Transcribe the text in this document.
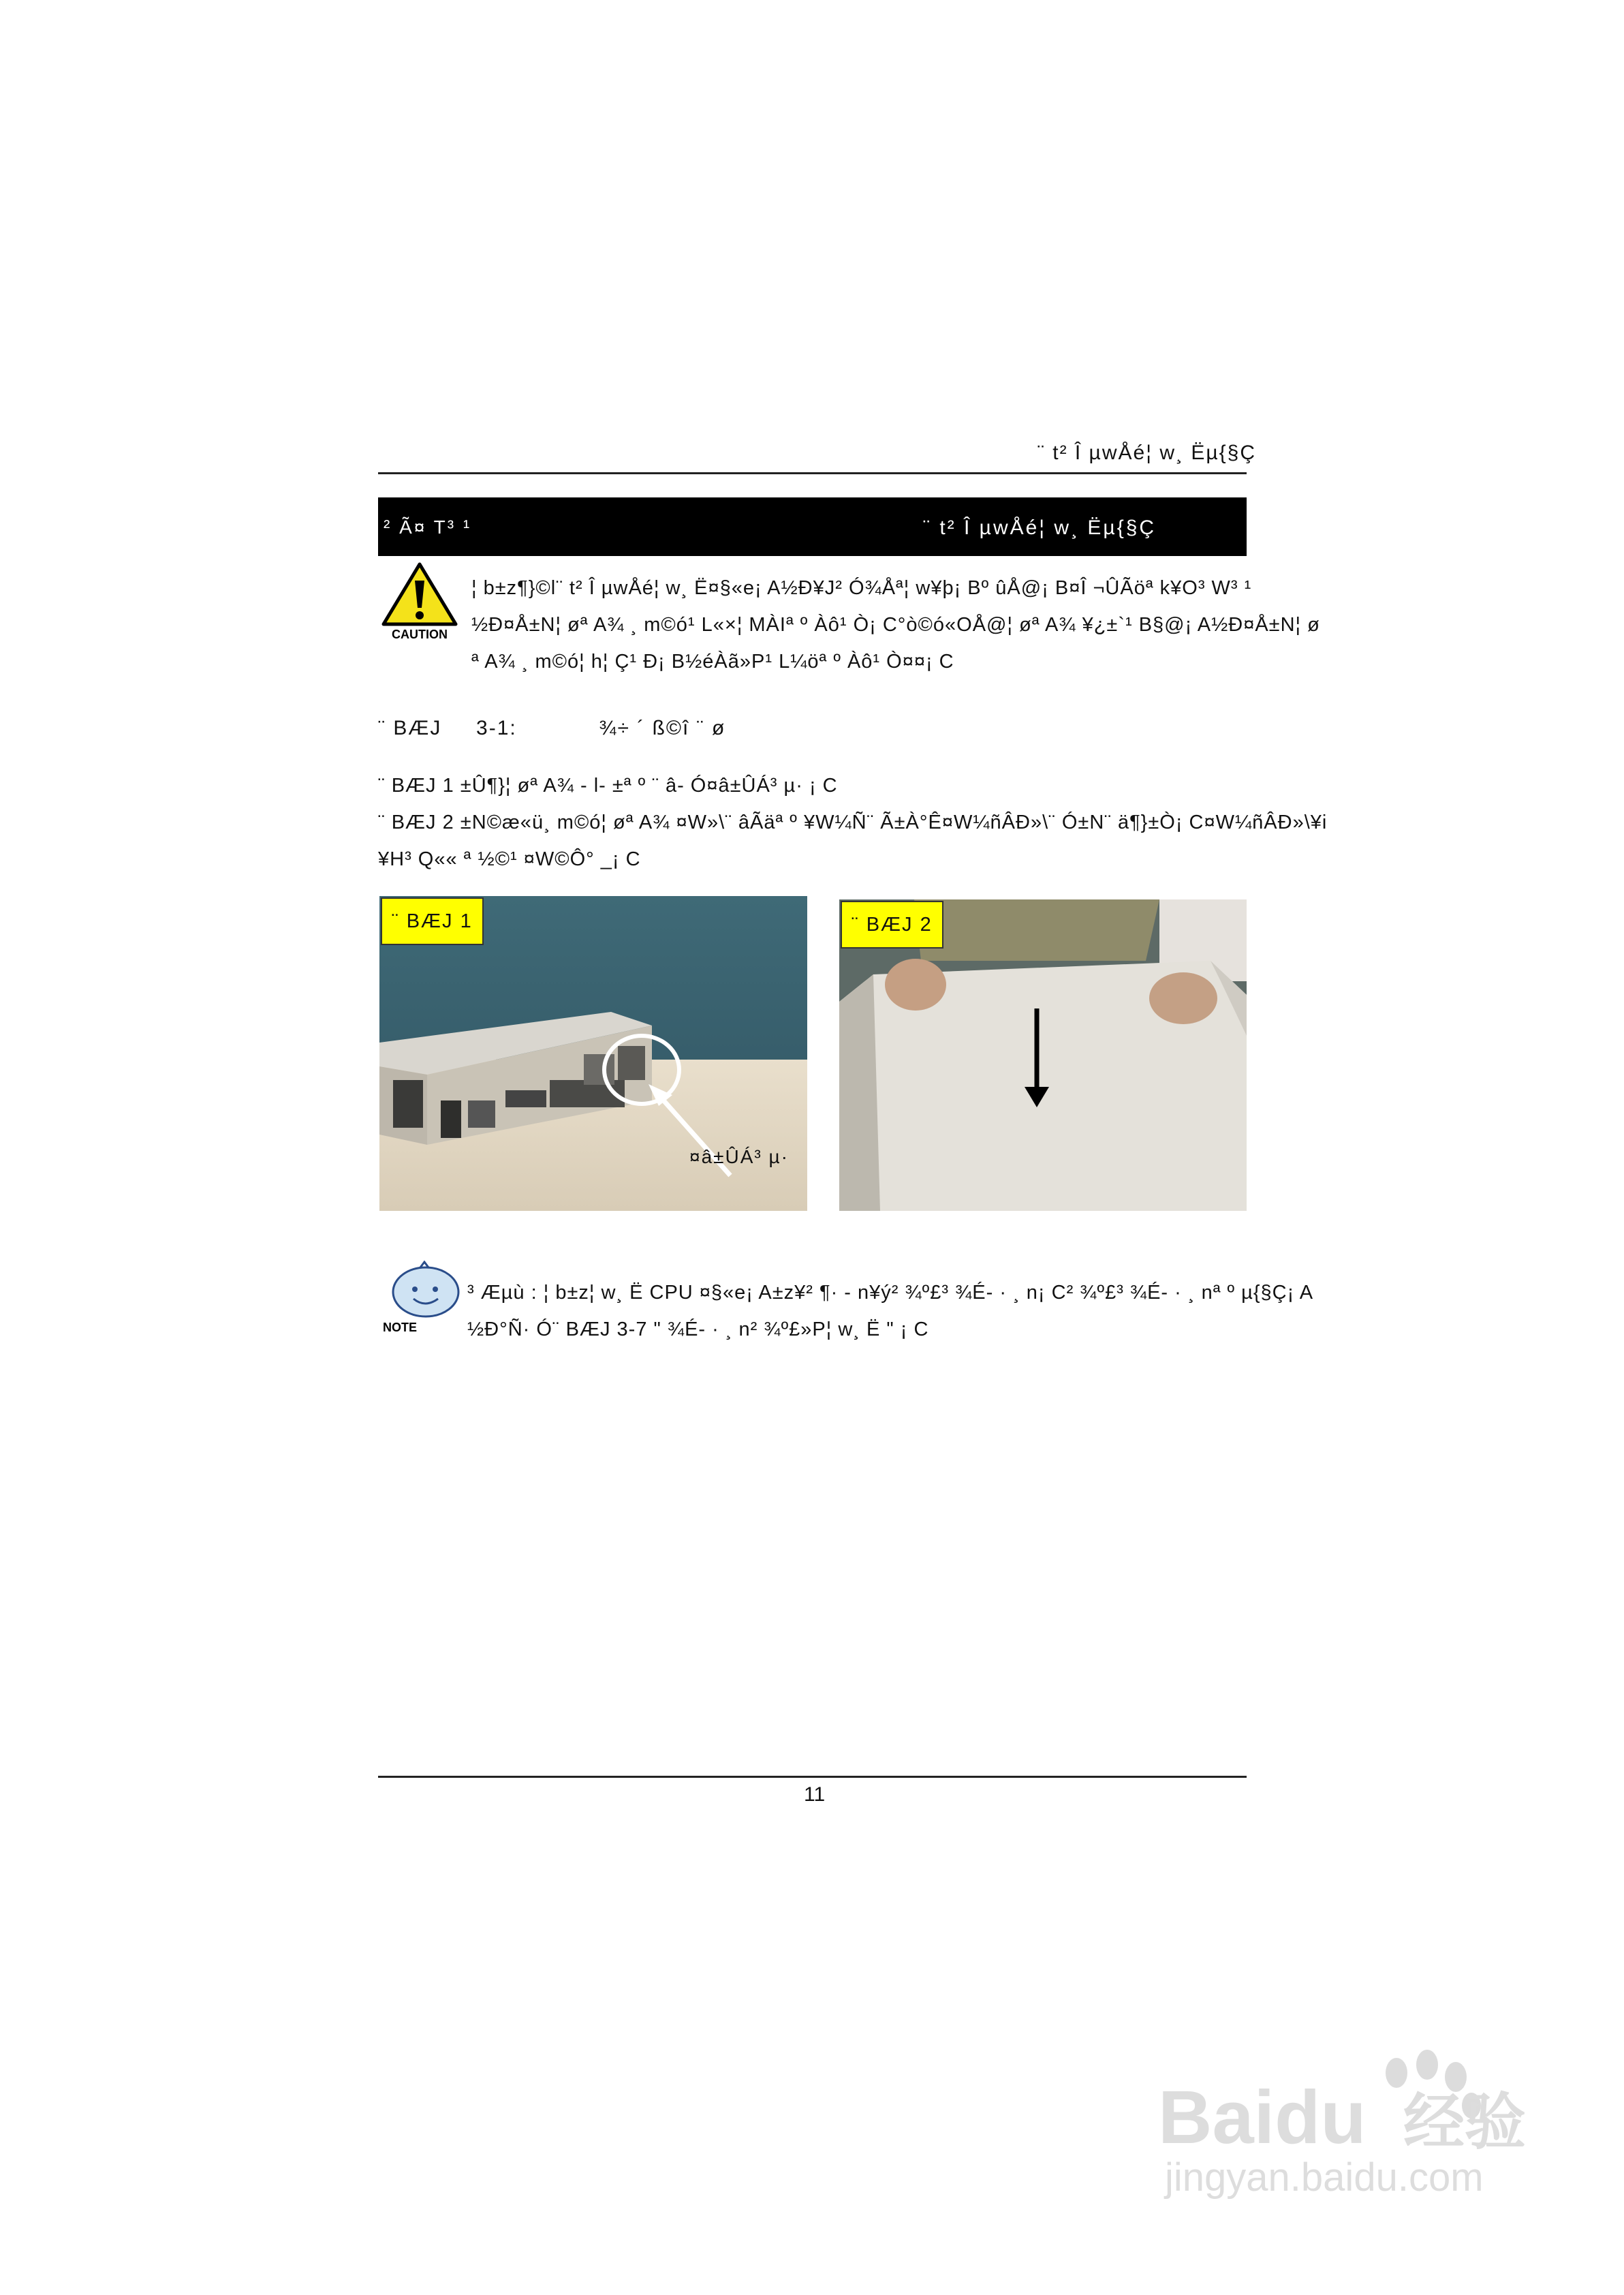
¨ t² Î µwÅé¦ w¸ Ëµ{§Ç
² Ã¤ T³ ¹	¨ t² Î µwÅé¦ w¸ Ëµ{§Ç
CAUTION
¦ b±z¶}©l¨ t² Î µwÅé¦ w¸ Ë¤§«e¡ A½Ð¥J² Ó¾Åª¦ w¥þ¡ Bº ûÅ@¡ B¤Î ¬ÛÃöª k¥O³ W³ ¹
½Ð¤Å±N¦ øª A¾ ¸ m©ó¹ L«×¦ MÀIª º Àô¹ Ò¡ C°ò©ó«OÅ@¦ øª A¾ ¥¿±`¹ B§@¡ A½Ð¤Å±N¦ ø
ª A¾ ¸ m©ó¦ h¦ Ç¹ Ð¡ B½éÀã»P¹ L¼öª º Àô¹ Ò¤¤¡ C
¨ BÆJ 3-1:	¾÷ ´ ß©î ¨ ø
¨ BÆJ 1 ±Û¶}¦ øª A¾ - l- ±ª º ¨ â- Ó¤â±ÛÁ³ µ· ¡ C
¨ BÆJ 2 ±N©æ«ü¸ m©ó¦ øª A¾ ¤W»\¨ âÃäª º ¥W¼Ñ¨ Ã±À°Ê¤W¼ñÂÐ»\¨ Ó±N¨ ä¶}±Ò¡ C¤W¼ñÂÐ»\¥i
¥H³ Q«« ª ½©¹ ¤W©Ô° _¡ C
¤â±ÛÁ³ µ·
¨ BÆJ 1	¨ BÆJ 2
NOTE
³ Æµù : ¦ b±z¦ w¸ Ë CPU ¤§«e¡ A±z¥² ¶· - n¥ý² ¾º£³ ¾É- · ¸ n¡ C² ¾º£³ ¾É- · ¸ nª º µ{§Ç¡ A
½Ð°Ñ· Ó¨ BÆJ 3-7 " ¾É- · ¸ n² ¾º£»P¦ w¸ Ë " ¡ C
11
Baidu 经验
jingyan.baidu.com
